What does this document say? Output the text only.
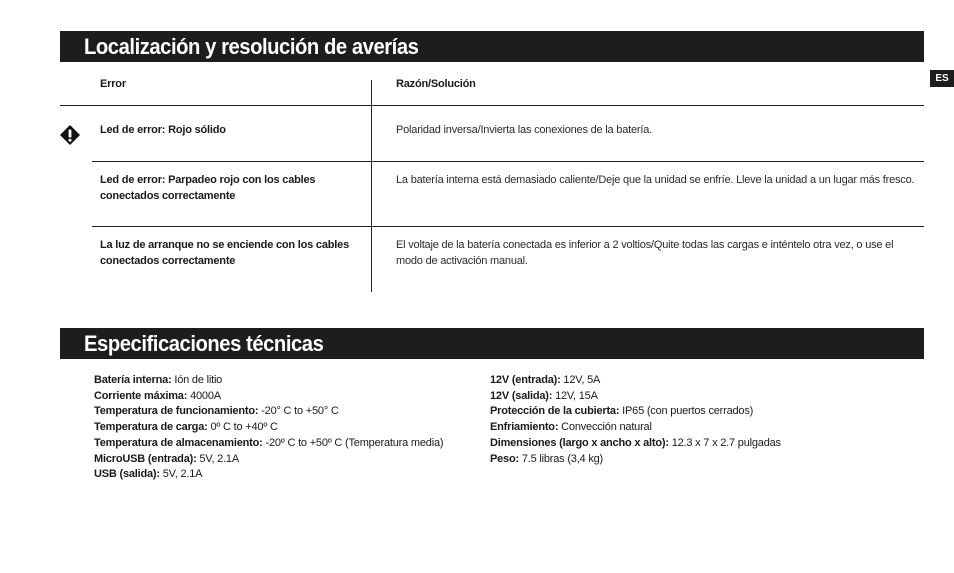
Localización y resolución de averías
ES
Error	Razón/Solución
Led de error: Rojo sólido	Polaridad inversa/Invierta las conexiones de la batería.
Led de error: Parpadeo rojo con los cables conectados correctamente
La batería interna está demasiado caliente/Deje que la unidad se enfríe. Lleve la unidad a un lugar más fresco.
La luz de arranque no se enciende con los cables conectados correctamente
El voltaje de la batería conectada es inferior a 2 voltios/Quite todas las cargas e inténtelo otra vez, o use el modo de activación manual.
Especificaciones técnicas
Batería interna: Ión de litio
Corriente máxima: 4000A
Temperatura de funcionamiento: -20° C to +50° C
Temperatura de carga: 0º C to +40º C
Temperatura de almacenamiento: -20º C to +50º C (Temperatura media)
MicroUSB (entrada): 5V, 2.1A
USB (salida): 5V, 2.1A
12V (entrada): 12V, 5A
12V (salida): 12V, 15A
Protección de la cubierta: IP65 (con puertos cerrados)
Enfriamiento: Convección natural
Dimensiones (largo x ancho x alto): 12.3 x 7 x 2.7 pulgadas
Peso: 7.5 libras (3,4 kg)
